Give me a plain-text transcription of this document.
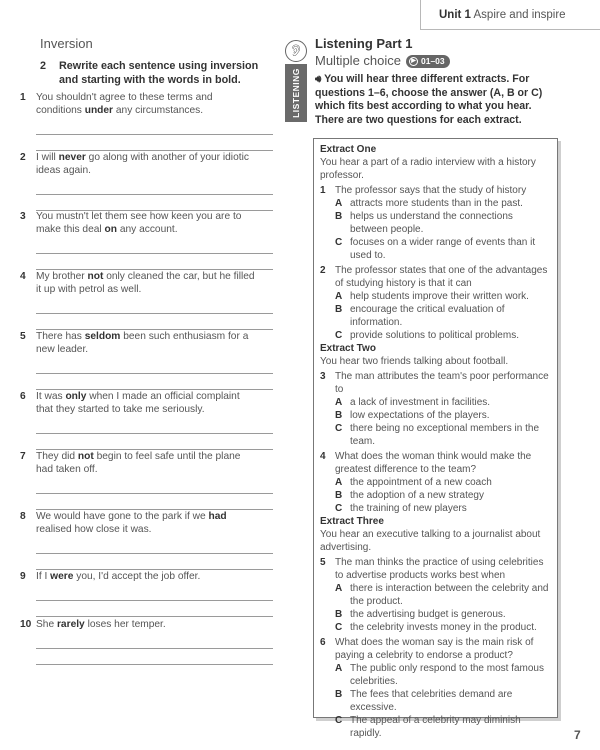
Unit 1 Aspire and inspire
Inversion
2	Rewrite each sentence using inversion and starting with the words in bold.
1	You shouldn't agree to these terms and conditions under any circumstances.
2	I will never go along with another of your idiotic ideas again.
3	You mustn't let them see how keen you are to make this deal on any account.
4	My brother not only cleaned the car, but he filled it up with petrol as well.
5	There has seldom been such enthusiasm for a new leader.
6	It was only when I made an official complaint that they started to take me seriously.
7	They did not begin to feel safe until the plane had taken off.
8	We would have gone to the park if we had realised how close it was.
9	If I were you, I'd accept the job offer.
10 She rarely loses her temper.
👂︎
LISTENING
Listening Part 1
Multiple choice	▶ 01–03
🔊︎ You will hear three different extracts. For questions 1–6, choose the answer (A, B or C) which fits best according to what you hear. There are two questions for each extract.
Extract One
You hear a part of a radio interview with a history professor.
1 The professor says that the study of history
A attracts more students than in the past.
B helps us understand the connections between people.
C focuses on a wider range of events than it used to.
2 The professor states that one of the advantages of studying history is that it can
A help students improve their written work.
B encourage the critical evaluation of information.
C provide solutions to political problems.
Extract Two
You hear two friends talking about football.
3 The man attributes the team's poor performance to
A a lack of investment in facilities.
B low expectations of the players.
C there being no exceptional members in the team.
4 What does the woman think would make the greatest difference to the team?
A the appointment of a new coach
B the adoption of a new strategy
C the training of new players
Extract Three
You hear an executive talking to a journalist about advertising.
5 The man thinks the practice of using celebrities to advertise products works best when
A there is interaction between the celebrity and the product.
B the advertising budget is generous.
C the celebrity invests money in the product.
6 What does the woman say is the main risk of paying a celebrity to endorse a product?
A The public only respond to the most famous celebrities.
B The fees that celebrities demand are excessive.
C The appeal of a celebrity may diminish rapidly.	7
